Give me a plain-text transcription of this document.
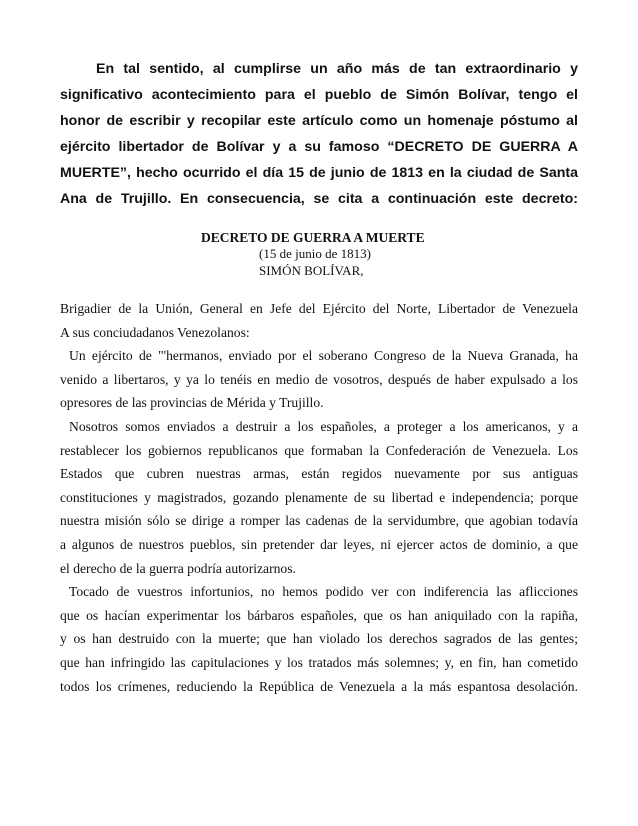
En tal sentido, al cumplirse un año más de tan extraordinario y
significativo acontecimiento para el pueblo de Simón Bolívar, tengo el
honor de escribir y recopilar este artículo como un homenaje póstumo al
ejército libertador de Bolívar y a su famoso “DECRETO DE GUERRA A
MUERTE”, hecho ocurrido el día 15 de junio de 1813 en la ciudad de Santa
Ana de Trujillo. En consecuencia, se cita a continuación este decreto:
DECRETO DE GUERRA A MUERTE
(15 de junio de 1813)
SIMÓN BOLÍVAR,
Brigadier de la Unión, General en Jefe del Ejército del Norte, Libertador de Venezuela
A sus conciudadanos Venezolanos:
Un ejército de "'hermanos, enviado por el soberano Congreso de la Nueva Granada, ha
venido a libertaros, y ya lo tenéis en medio de vosotros, después de haber expulsado a los
opresores de las provincias de Mérida y Trujillo.
Nosotros somos enviados a destruir a los españoles, a proteger a los americanos, y a
restablecer los gobiernos republicanos que formaban la Confederación de Venezuela. Los
Estados que cubren nuestras armas, están regidos nuevamente por sus antiguas
constituciones y magistrados, gozando plenamente de su libertad e independencia; porque
nuestra misión sólo se dirige a romper las cadenas de la servidumbre, que agobian todavía
a algunos de nuestros pueblos, sin pretender dar leyes, ni ejercer actos de dominio, a que
el derecho de la guerra podría autorizarnos.
Tocado de vuestros infortunios, no hemos podido ver con indiferencia las aflicciones
que os hacían experimentar los bárbaros españoles, que os han aniquilado con la rapiña,
y os han destruido con la muerte; que han violado los derechos sagrados de las gentes;
que han infringido las capitulaciones y los tratados más solemnes; y, en fin, han cometido
todos los crímenes, reduciendo la República de Venezuela a la más espantosa desolación.
